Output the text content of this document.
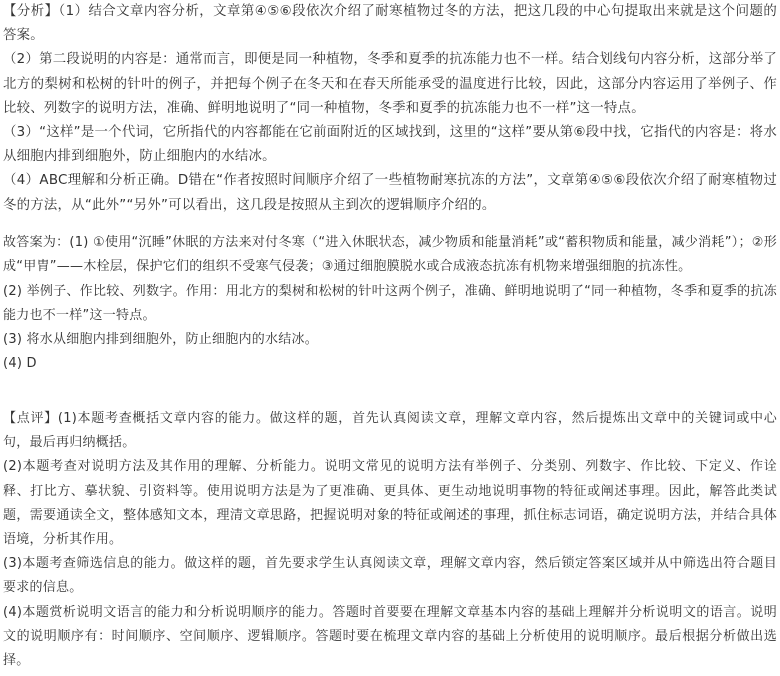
【分析】（1）结合文章内容分析，文章第④⑤⑥段依次介绍了耐寒植物过冬的方法，把这几段的中心句提取出来就是这个问题的答案。

（2）第二段说明的内容是：通常而言，即便是同一种植物，冬季和夏季的抗冻能力也不一样。结合划线句内容分析，这部分举了北方的梨树和松树的针叶的例子，并把每个例子在冬天和在春天所能承受的温度进行比较，因此，这部分内容运用了举例子、作比较、列数字的说明方法，准确、鲜明地说明了“同一种植物，冬季和夏季的抗冻能力也不一样”这一特点。

（3）“这样”是一个代词，它所指代的内容都能在它前面附近的区域找到，这里的“这样”要从第⑥段中找，它指代的内容是：将水从细胞内排到细胞外，防止细胞内的水结冰。

（4）ABC理解和分析正确。D错在“作者按照时间顺序介绍了一些植物耐寒抗冻的方法”，文章第④⑤⑥段依次介绍了耐寒植物过冬的方法，从“此外”“另外”可以看出，这几段是按照从主到次的逻辑顺序介绍的。

故答案为：(1) ①使用“沉睡”休眠的方法来对付冬寒（“进入休眠状态，减少物质和能量消耗”或“蓄积物质和能量，减少消耗”）；②形成“甲胄”——木栓层，保护它们的组织不受寒气侵袭；③通过细胞膜脱水或合成液态抗冻有机物来增强细胞的抗冻性。

(2) 举例子、作比较、列数字。作用：用北方的梨树和松树的针叶这两个例子，准确、鲜明地说明了“同一种植物，冬季和夏季的抗冻能力也不一样”这一特点。

(3) 将水从细胞内排到细胞外，防止细胞内的水结冰。

(4) D

【点评】(1)本题考查概括文章内容的能力。做这样的题，首先认真阅读文章，理解文章内容，然后提炼出文章中的关键词或中心句，最后再归纳概括。

(2)本题考查对说明方法及其作用的理解、分析能力。说明文常见的说明方法有举例子、分类别、列数字、作比较、下定义、作诠释、打比方、摹状貌、引资料等。使用说明方法是为了更准确、更具体、更生动地说明事物的特征或阐述事理。因此，解答此类试题，需要通读全文，整体感知文本，理清文章思路，把握说明对象的特征或阐述的事理，抓住标志词语，确定说明方法，并结合具体语境，分析其作用。

(3)本题考查筛选信息的能力。做这样的题，首先要求学生认真阅读文章，理解文章内容，然后锁定答案区域并从中筛选出符合题目要求的信息。

(4)本题赏析说明文语言的能力和分析说明顺序的能力。答题时首要要在理解文章基本内容的基础上理解并分析说明文的语言。说明文的说明顺序有：时间顺序、空间顺序、逻辑顺序。答题时要在梳理文章内容的基础上分析使用的说明顺序。最后根据分析做出选择。
